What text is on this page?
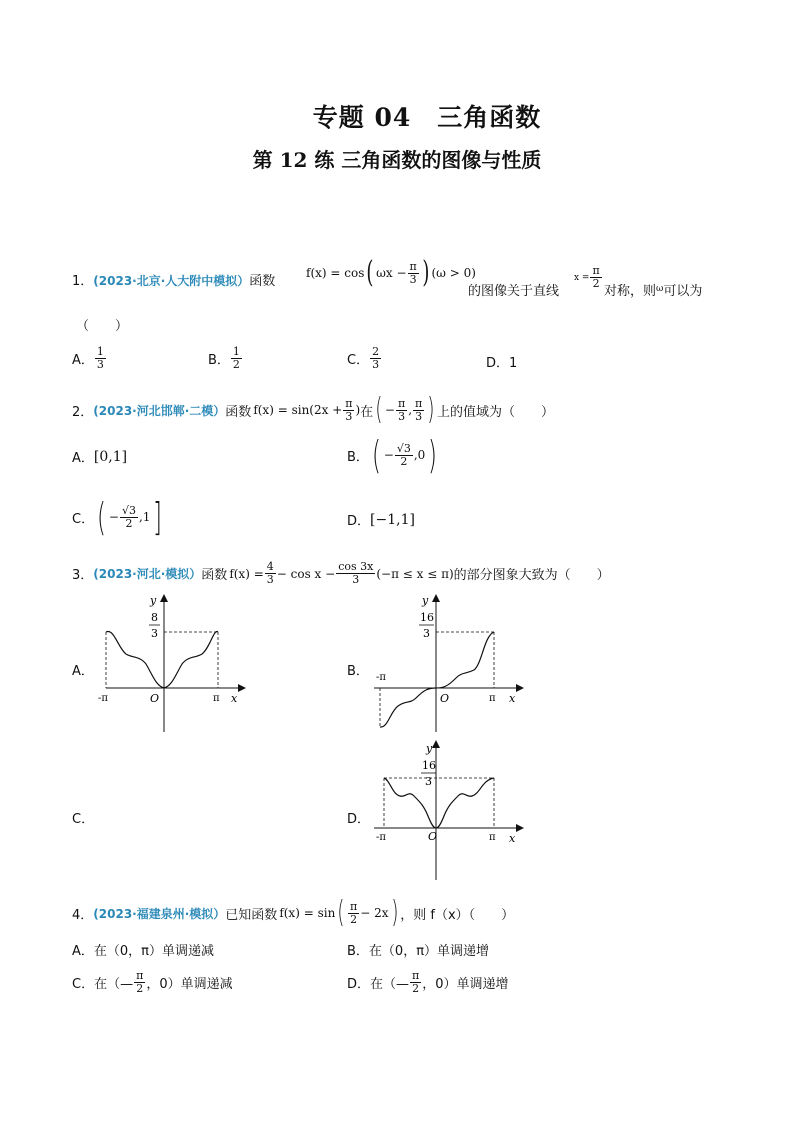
专题 04　三角函数
第 12 练 三角函数的图像与性质
1．(2023·北京·人大附中模拟）函数
f(x) = cos ( $\omega x - \frac{\pi}{3}$ ) (ω > 0)
的图像关于直线
$x = \frac{\pi}{2}$
对称，则$^\omega$可以为
（　　）
A． $\frac{1}{3}$	B． $\frac{1}{2}$	C． $\frac{2}{3}$	D．1
2． (2023·河北邯郸·二模） 函数 $f(x) = \sin(2x + \frac{\pi}{3}$ ) 在 ( − $\frac{\pi}{3}$ , $\frac{\pi}{3}$ ) 上的值域为（　　）
A． [0,1]	B． ( − $\frac{√3}{2} ,0$ )
C． ( − $\frac{√3}{2} ,1$ ]	D． [−1,1]
3． (2023·河北·模拟） 函数 $f(x) = \frac{4}{3} - \cos x - \frac{\cos 3x}{3} (-\pi \le x \le \pi)$ 的部分图象大致为（　　）
A．	B．
C．	D．
y
x
O
-π	π
8
3
y
x
O
-π
π
16
3
y
x
O
-π	π
16
3
4． (2023·福建泉州·模拟） 已知函数 f(x) = sin ( $\frac{\pi}{2} - 2x$ ) ，则 f（x）（　　）
A．在（0，π）单调递减	B．在（0，π）单调递增
C．在（— $\frac{\pi}{2}$ ，0）单调递减	D．在（— $\frac{\pi}{2}$ ，0）单调递增
